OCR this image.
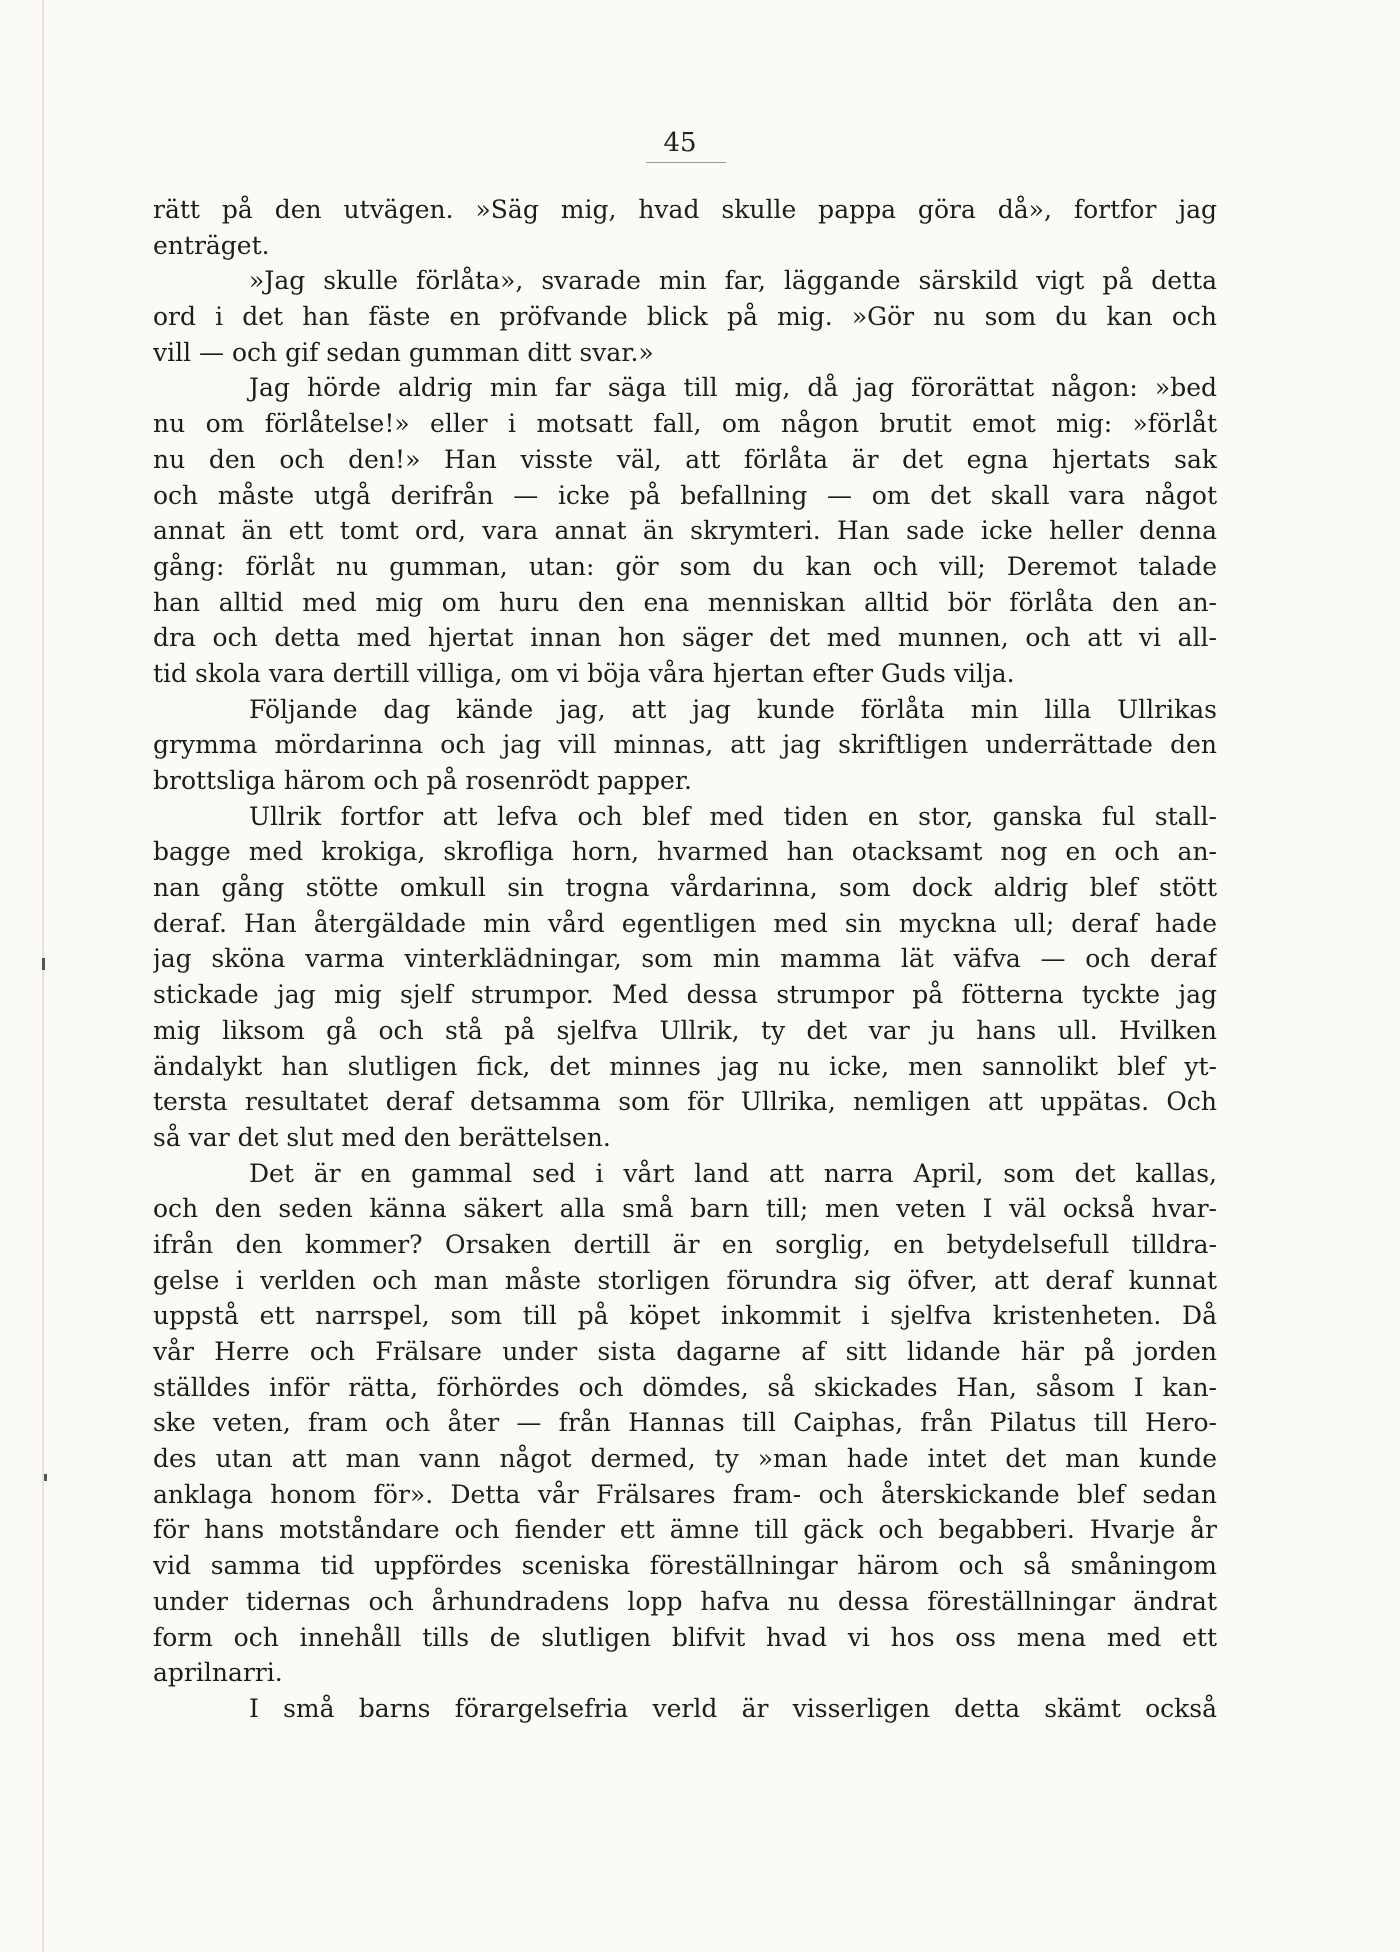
45
rätt på den utvägen. »Säg mig, hvad skulle pappa göra då», fortfor jag
enträget.
»Jag skulle förlåta», svarade min far, läggande särskild vigt på detta
ord i det han fäste en pröfvande blick på mig. »Gör nu som du kan och
vill — och gif sedan gumman ditt svar.»
Jag hörde aldrig min far säga till mig, då jag förorättat någon: »bed
nu om förlåtelse!» eller i motsatt fall, om någon brutit emot mig: »förlåt
nu den och den!» Han visste väl, att förlåta är det egna hjertats sak
och måste utgå derifrån — icke på befallning — om det skall vara något
annat än ett tomt ord, vara annat än skrymteri. Han sade icke heller denna
gång: förlåt nu gumman, utan: gör som du kan och vill; Deremot talade
han alltid med mig om huru den ena menniskan alltid bör förlåta den an-
dra och detta med hjertat innan hon säger det med munnen, och att vi all-
tid skola vara dertill villiga, om vi böja våra hjertan efter Guds vilja.
Följande dag kände jag, att jag kunde förlåta min lilla Ullrikas
grymma mördarinna och jag vill minnas, att jag skriftligen underrättade den
brottsliga härom och på rosenrödt papper.
Ullrik fortfor att lefva och blef med tiden en stor, ganska ful stall-
bagge med krokiga, skrofliga horn, hvarmed han otacksamt nog en och an-
nan gång stötte omkull sin trogna vårdarinna, som dock aldrig blef stött
deraf. Han återgäldade min vård egentligen med sin myckna ull; deraf hade
jag sköna varma vinterklädningar, som min mamma lät väfva — och deraf
stickade jag mig sjelf strumpor. Med dessa strumpor på fötterna tyckte jag
mig liksom gå och stå på sjelfva Ullrik, ty det var ju hans ull. Hvilken
ändalykt han slutligen fick, det minnes jag nu icke, men sannolikt blef yt-
tersta resultatet deraf detsamma som för Ullrika, nemligen att uppätas. Och
så var det slut med den berättelsen.
Det är en gammal sed i vårt land att narra April, som det kallas,
och den seden känna säkert alla små barn till; men veten I väl också hvar-
ifrån den kommer? Orsaken dertill är en sorglig, en betydelsefull tilldra-
gelse i verlden och man måste storligen förundra sig öfver, att deraf kunnat
uppstå ett narrspel, som till på köpet inkommit i sjelfva kristenheten. Då
vår Herre och Frälsare under sista dagarne af sitt lidande här på jorden
ställdes inför rätta, förhördes och dömdes, så skickades Han, såsom I kan-
ske veten, fram och åter — från Hannas till Caiphas, från Pilatus till Hero-
des utan att man vann något dermed, ty »man hade intet det man kunde
anklaga honom för». Detta vår Frälsares fram- och återskickande blef sedan
för hans motståndare och fiender ett ämne till gäck och begabberi. Hvarje år
vid samma tid uppfördes sceniska föreställningar härom och så småningom
under tidernas och århundradens lopp hafva nu dessa föreställningar ändrat
form och innehåll tills de slutligen blifvit hvad vi hos oss mena med ett
aprilnarri.
I små barns förargelsefria verld är visserligen detta skämt också
